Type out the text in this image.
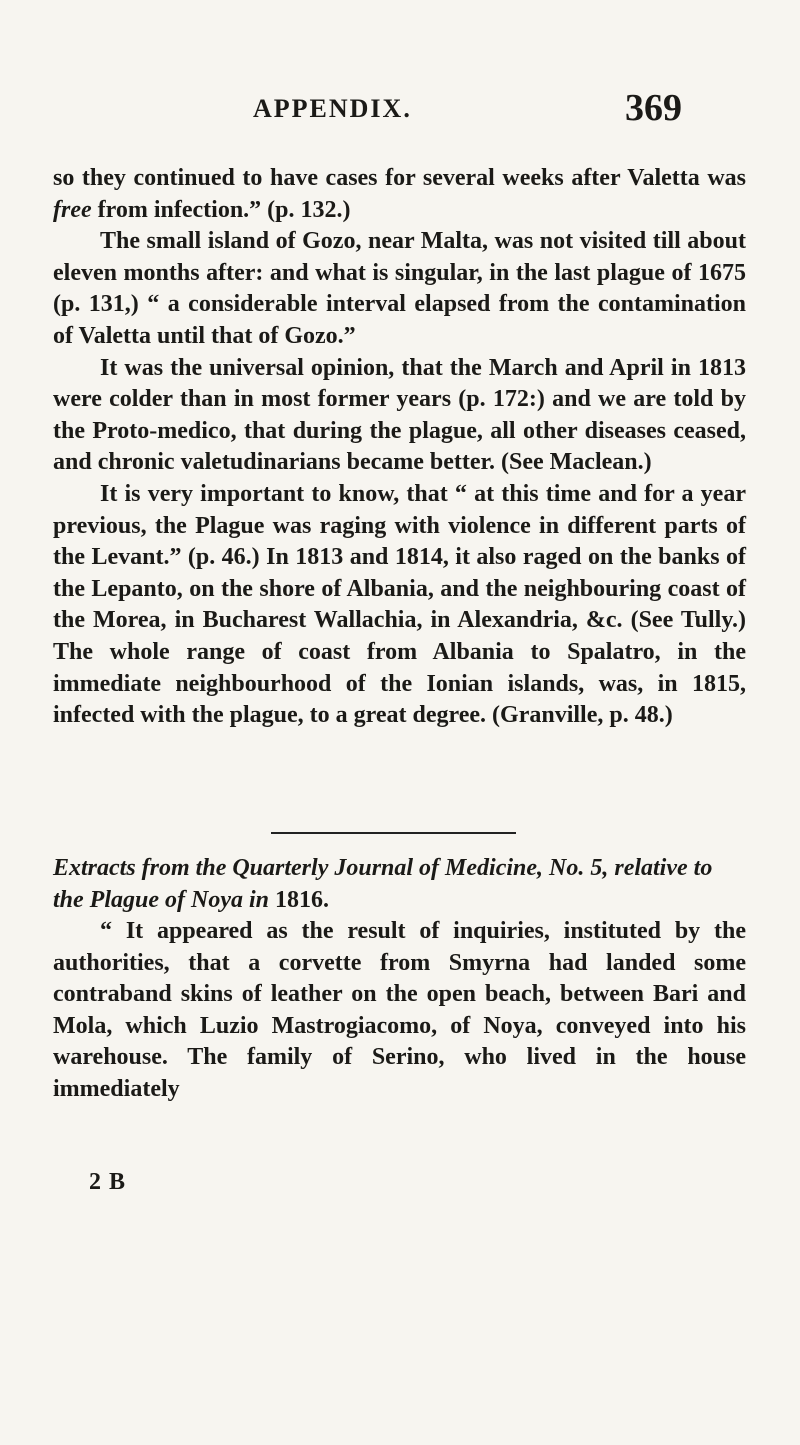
APPENDIX.	369

so they continued to have cases for several weeks after Valetta was free from infection.” (p. 132.)

The small island of Gozo, near Malta, was not visited till about eleven months after: and what is singular, in the last plague of 1675 (p. 131,) “ a considerable interval elapsed from the contamination of Valetta until that of Gozo.”

It was the universal opinion, that the March and April in 1813 were colder than in most former years (p. 172:) and we are told by the Proto-medico, that during the plague, all other diseases ceased, and chronic valetudinarians became better. (See Maclean.)

It is very important to know, that “ at this time and for a year previous, the Plague was raging with violence in different parts of the Levant.” (p. 46.) In 1813 and 1814, it also raged on the banks of the Lepanto, on the shore of Albania, and the neighbouring coast of the Morea, in Bucharest Wallachia, in Alexandria, &c. (See Tully.) The whole range of coast from Albania to Spalatro, in the immediate neighbourhood of the Ionian islands, was, in 1815, infected with the plague, to a great degree. (Granville, p. 48.)

Extracts from the Quarterly Journal of Medicine, No. 5, relative to the Plague of Noya in 1816.

“ It appeared as the result of inquiries, instituted by the authorities, that a corvette from Smyrna had landed some contraband skins of leather on the open beach, between Bari and Mola, which Luzio Mastrogiacomo, of Noya, conveyed into his warehouse. The family of Serino, who lived in the house immediately

2 B
